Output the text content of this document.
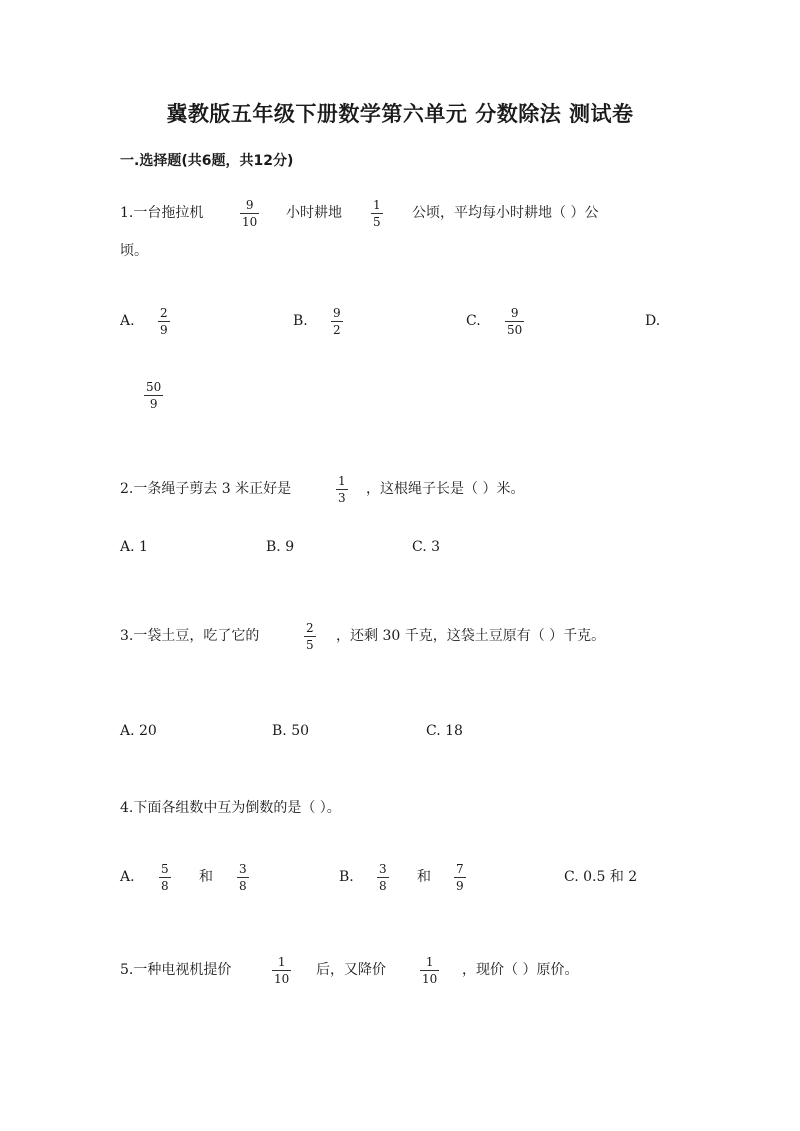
冀教版五年级下册数学第六单元 分数除法 测试卷
一.选择题(共6题，共12分)
1.一台拖拉机	9
10
小时耕地	1
5
公顷，平均每小时耕地（ ）公
顷。
A. 2
9
B. 9
2
C.	9
50
D.
50
9
2.一条绳子剪去 3 米正好是	1
3
，这根绳子长是（ ）米。
A. 1	B. 9	C. 3
3.一袋土豆，吃了它的	2
5
，还剩 30 千克，这袋土豆原有（ ）千克。
A. 20	B. 50	C. 18
4.下面各组数中互为倒数的是（ ）。
A. 5
8
和 3
8
B. 3
8
和 7
9
C. 0.5 和 2
5.一种电视机提价	1
10
后，又降价	1
10
，现价（ ）原价。
